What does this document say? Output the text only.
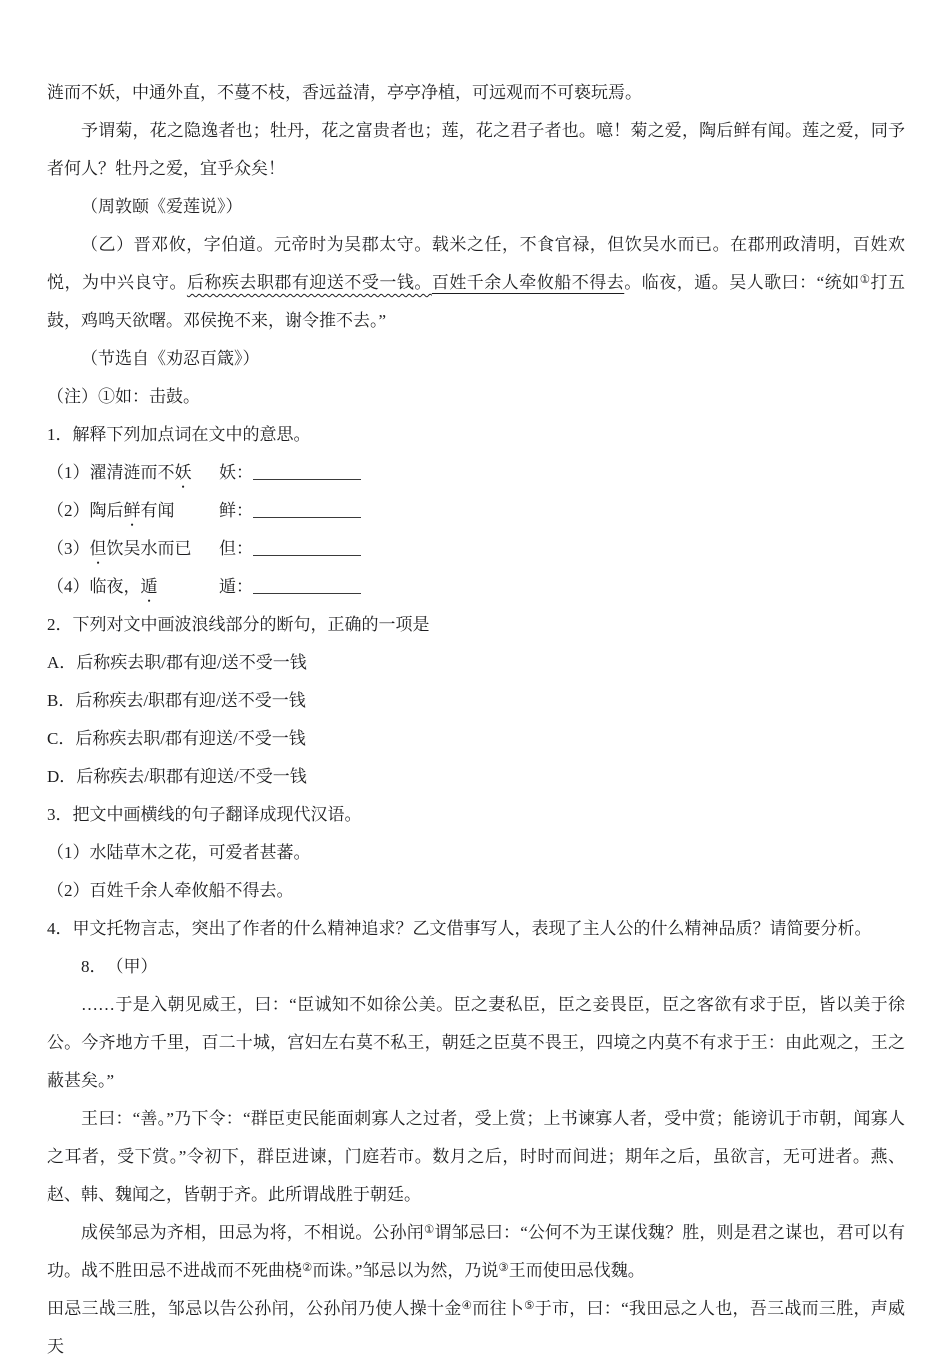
涟而不妖，中通外直，不蔓不枝，香远益清，亭亭净植，可远观而不可亵玩焉。
予谓菊，花之隐逸者也；牡丹，花之富贵者也；莲，花之君子者也。噫！菊之爱，陶后鲜有闻。莲之爱，同予者何人？牡丹之爱，宜乎众矣！
（周敦颐《爱莲说》）
（乙）晋邓攸，字伯道。元帝时为吴郡太守。载米之任，不食官禄，但饮吴水而已。在郡刑政清明，百姓欢悦，为中兴良守。后称疾去职郡有迎送不受一钱。百姓千余人牵攸船不得去。临夜，遁。吴人歌曰：“统如①打五鼓，鸡鸣天欲曙。邓侯挽不来，谢令推不去。”
（节选自《劝忍百箴》）
（注）①如：击鼓。
1．解释下列加点词在文中的意思。
（1）濯清涟而不妖 妖：
（2）陶后鲜有闻	鲜：
（3）但饮吴水而已 但：
（4）临夜，遁	遁：
2．下列对文中画波浪线部分的断句，正确的一项是
A．后称疾去职/郡有迎/送不受一钱
B．后称疾去/职郡有迎/送不受一钱
C．后称疾去职/郡有迎送/不受一钱
D．后称疾去/职郡有迎送/不受一钱
3．把文中画横线的句子翻译成现代汉语。
（1）水陆草木之花，可爱者甚蕃。
（2）百姓千余人牵攸船不得去。
4．甲文托物言志，突出了作者的什么精神追求？乙文借事写人，表现了主人公的什么精神品质？请简要分析。
8．　（甲）
……于是入朝见威王，曰：“臣诚知不如徐公美。臣之妻私臣，臣之妾畏臣，臣之客欲有求于臣，皆以美于徐公。今齐地方千里，百二十城，宫妇左右莫不私王，朝廷之臣莫不畏王，四境之内莫不有求于王：由此观之，王之蔽甚矣。”
王曰：“善。”乃下令：“群臣吏民能面刺寡人之过者，受上赏；上书谏寡人者，受中赏；能谤讥于市朝，闻寡人之耳者，受下赏。”令初下，群臣进谏，门庭若市。数月之后，时时而间进；期年之后，虽欲言，无可进者。燕、赵、韩、魏闻之，皆朝于齐。此所谓战胜于朝廷。
成侯邹忌为齐相，田忌为将，不相说。公孙闬①谓邹忌曰：“公何不为王谋伐魏？胜，则是君之谋也，君可以有功。战不胜田忌不进战而不死曲桡②而诛。”邹忌以为然，乃说③王而使田忌伐魏。
田忌三战三胜，邹忌以告公孙闬，公孙闬乃使人操十金④而往卜⑤于市，曰：“我田忌之人也，吾三战而三胜，声威天
